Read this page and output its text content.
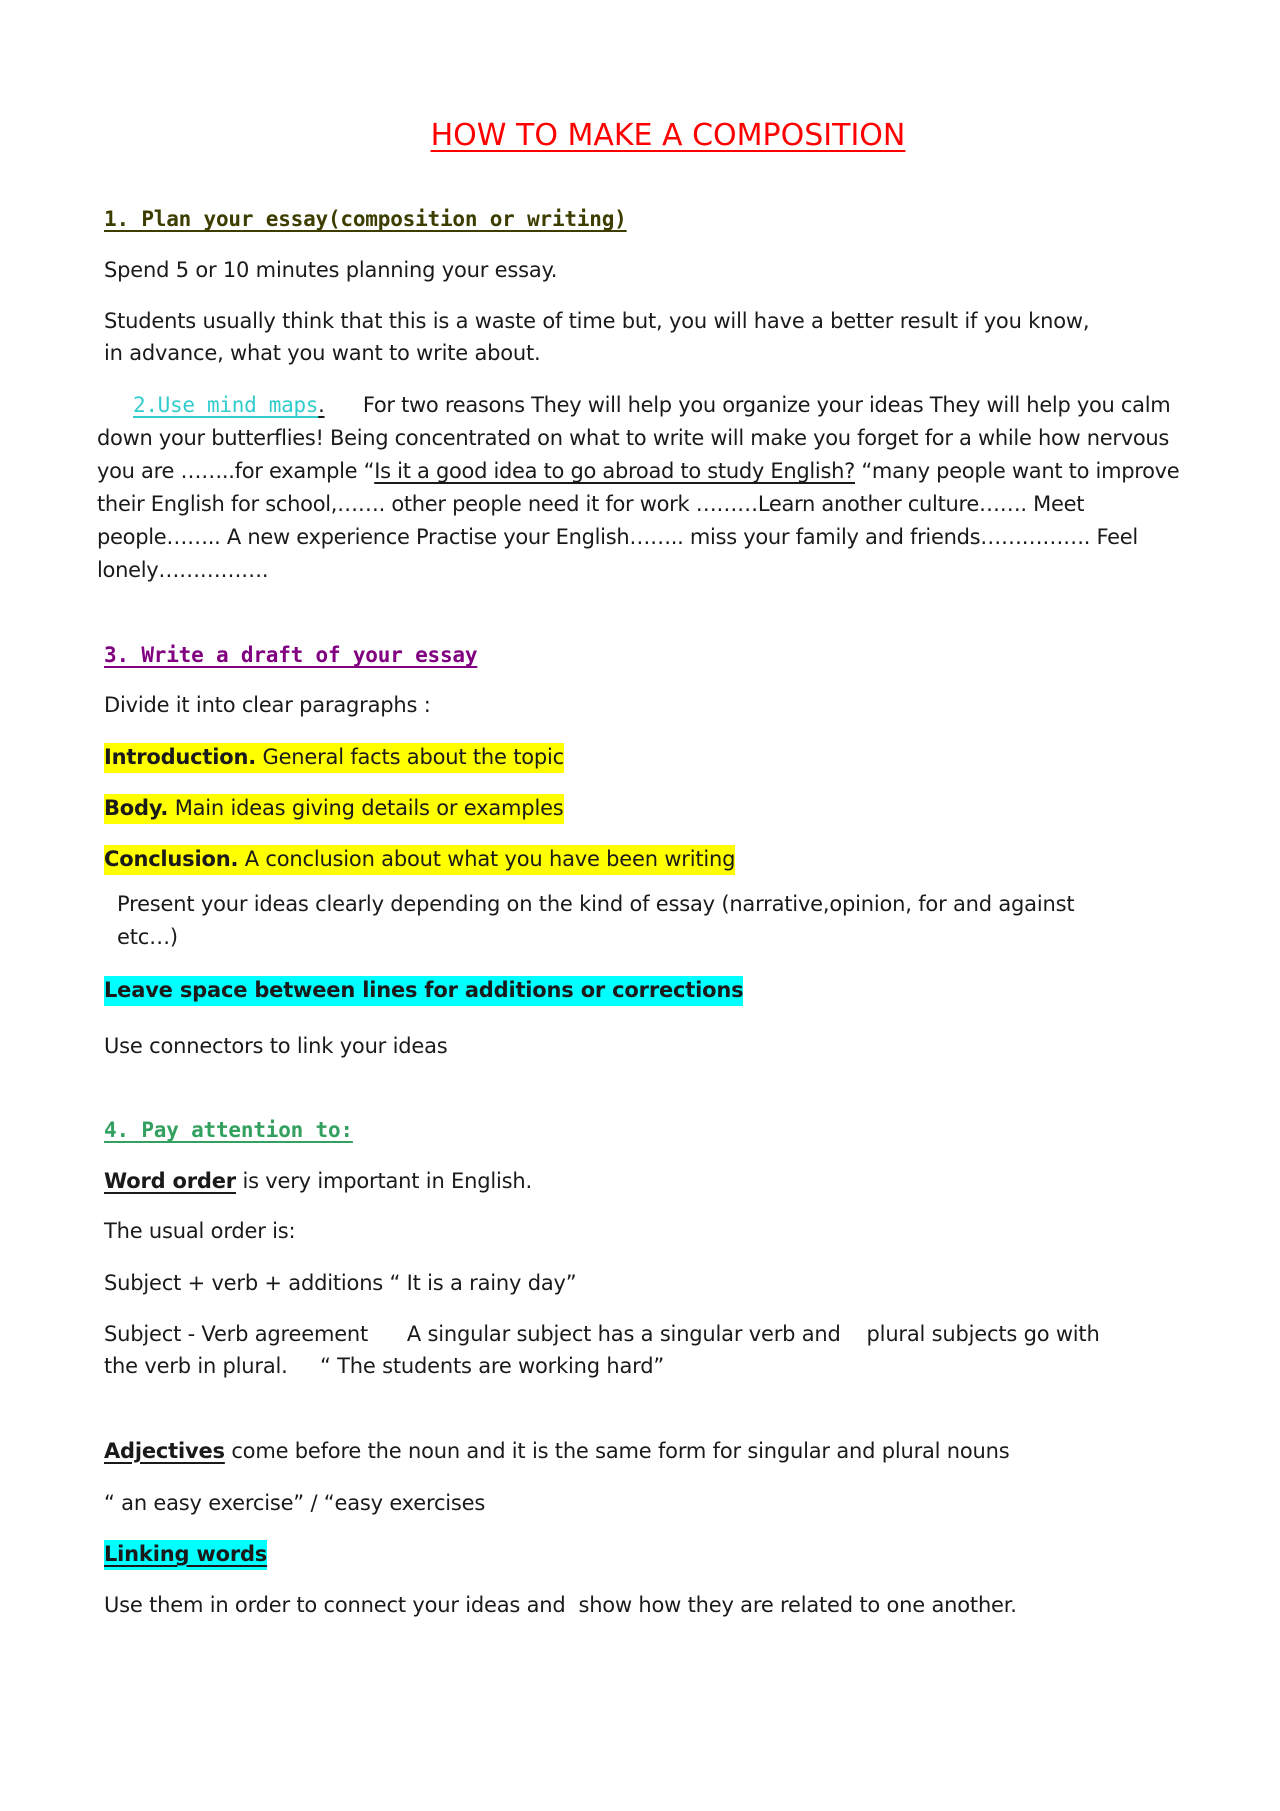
HOW TO MAKE A COMPOSITION
1. Plan your essay(composition or writing)
Spend 5 or 10 minutes planning your essay.
Students usually think that this is a waste of time but, you will have a better result if you know,
in advance, what you want to write about.
2.Use mind maps. For two reasons They will help you organize your ideas They will help you calm down your butterflies! Being concentrated on what to write will make you forget for a while how nervous you are ……..for example “Is it a good idea to go abroad to study English? “many people want to improve their English for school,……. other people need it for work ………Learn another culture……. Meet people…….. A new experience Practise your English…….. miss your family and friends……………. Feel lonely…………….
3. Write a draft of your essay
Divide it into clear paragraphs :
Introduction. General facts about the topic
Body. Main ideas giving details or examples
Conclusion. A conclusion about what you have been writing
Present your ideas clearly depending on the kind of essay (narrative,opinion, for and against
etc…)
Leave space between lines for additions or corrections
Use connectors to link your ideas
4. Pay attention to:
Word order is very important in English.
The usual order is:
Subject + verb + additions “ It is a rainy day”
Subject - Verb agreement      A singular subject has a singular verb and    plural subjects go with
the verb in plural.     “ The students are working hard”
Adjectives come before the noun and it is the same form for singular and plural nouns
“ an easy exercise” / “easy exercises
Linking words
Use them in order to connect your ideas and  show how they are related to one another.
